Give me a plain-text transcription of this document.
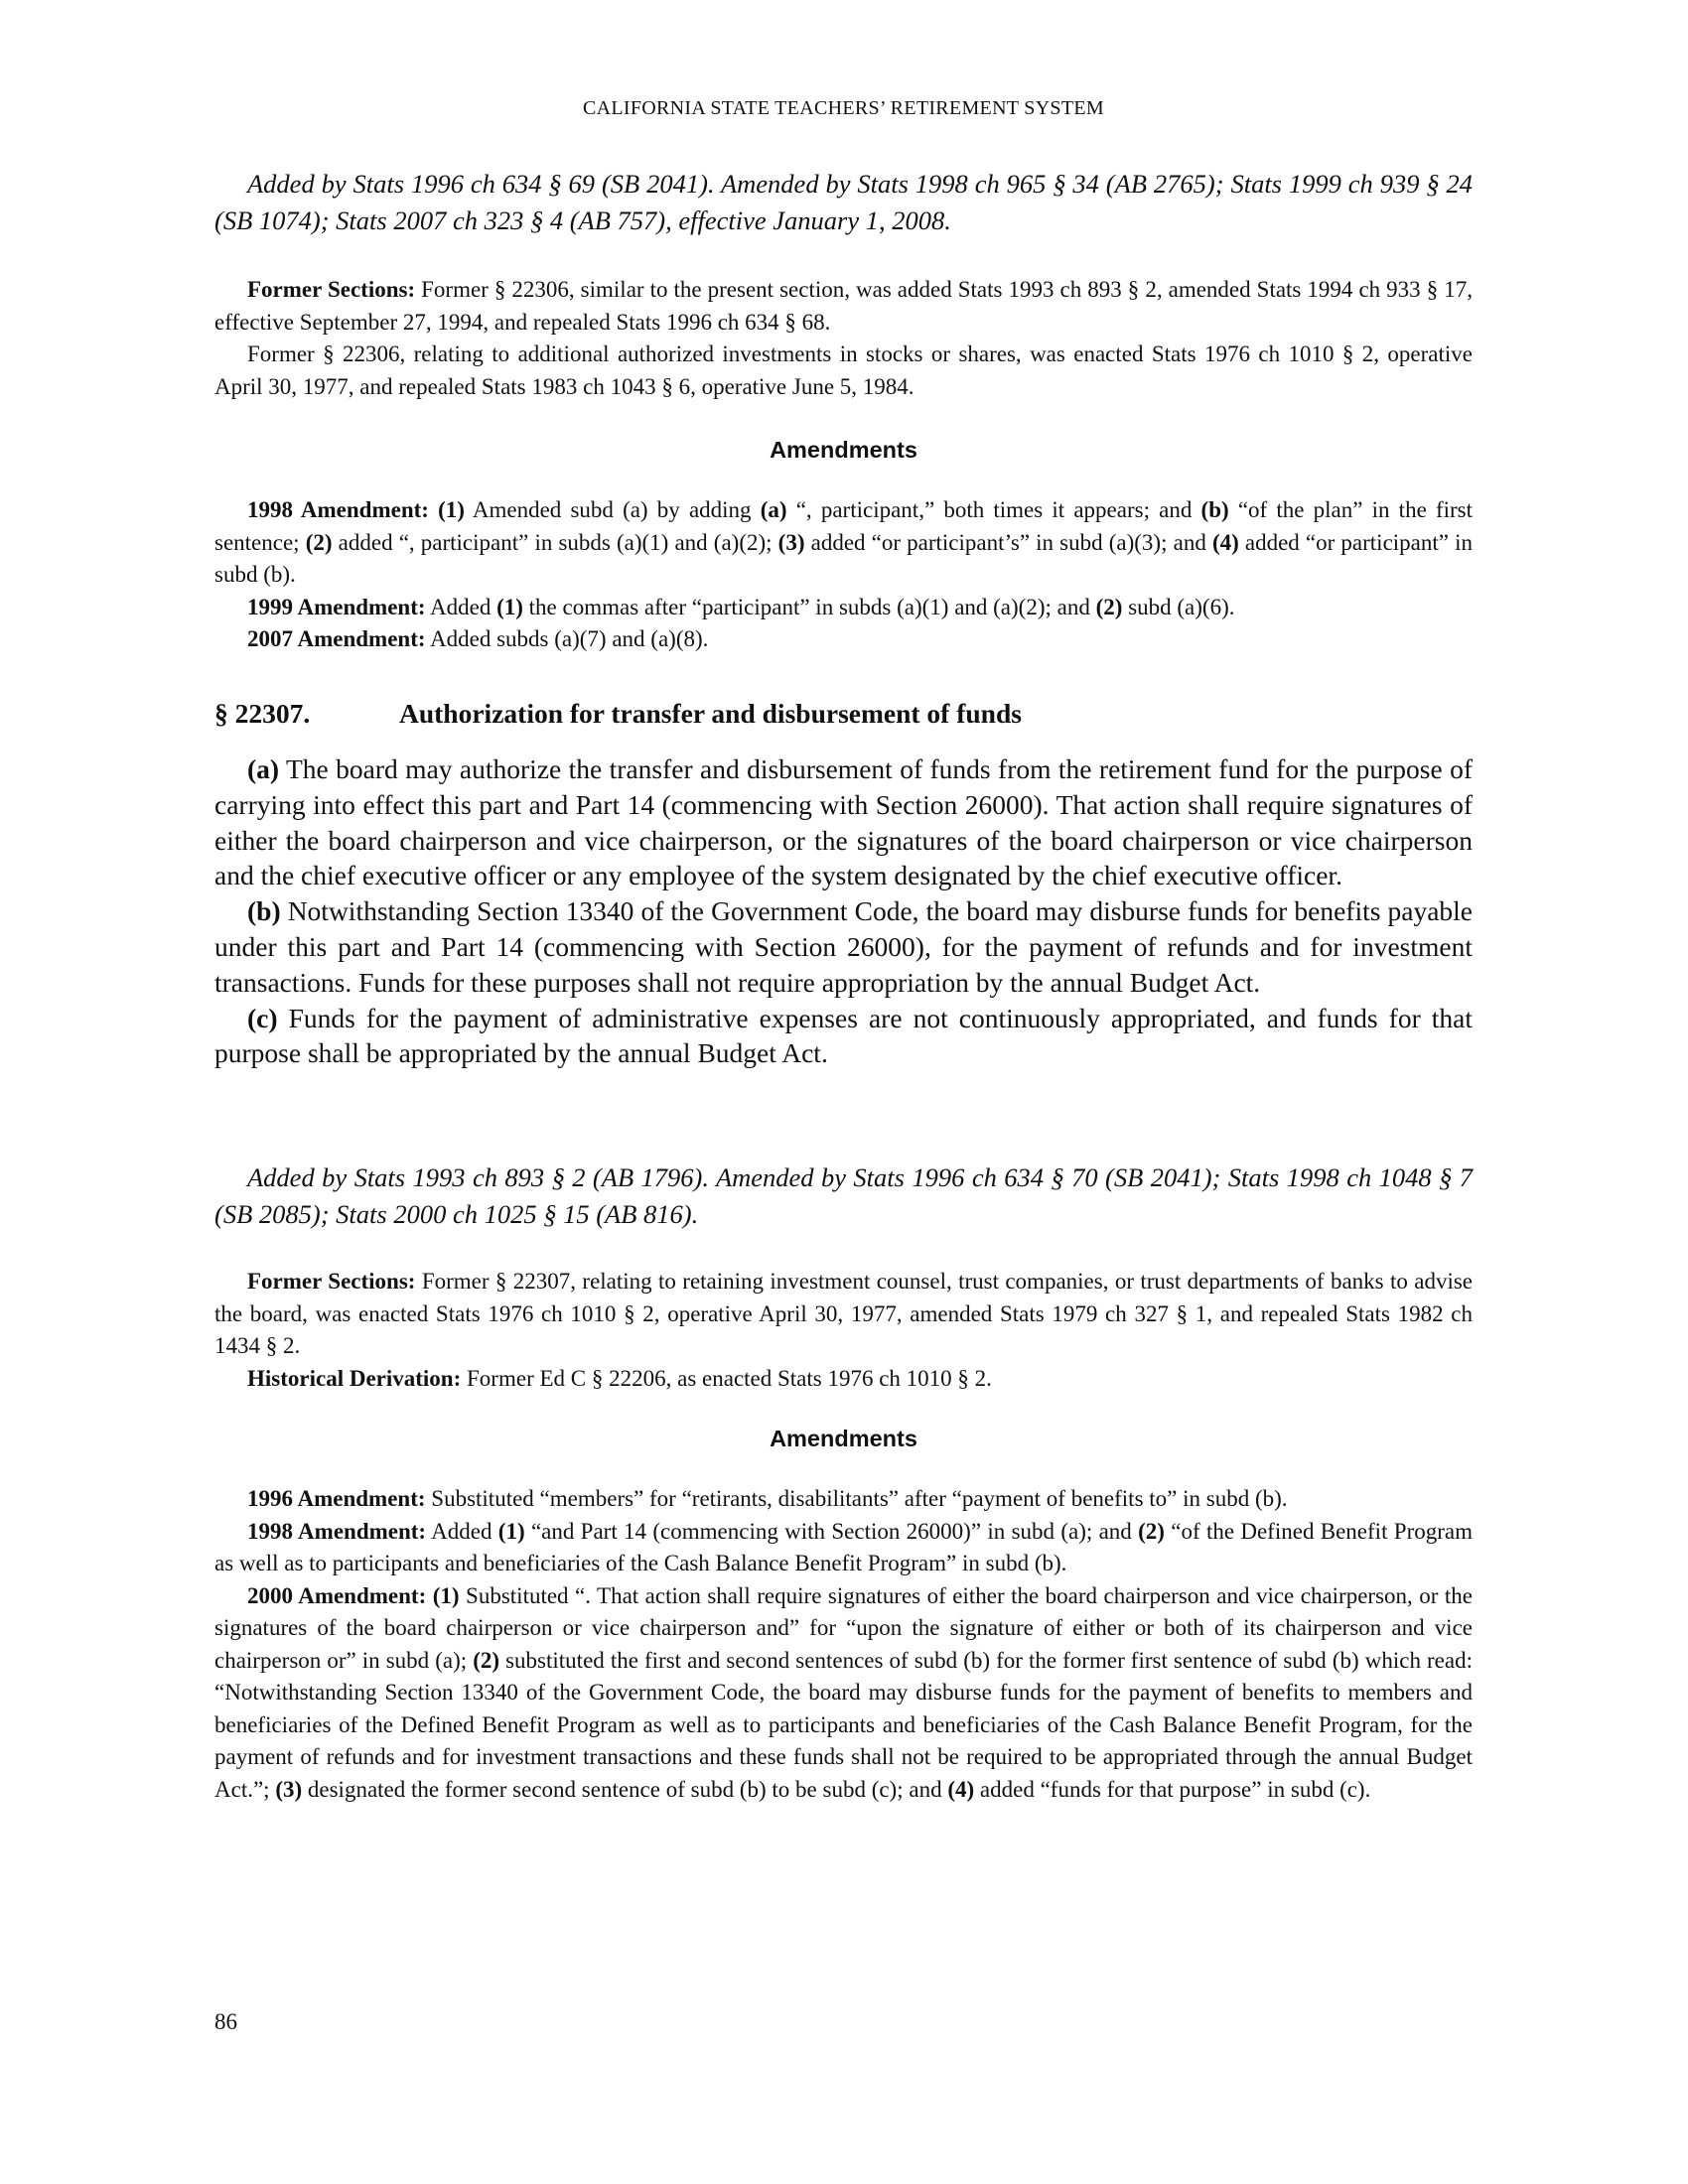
CALIFORNIA STATE TEACHERS’ RETIREMENT SYSTEM

Added by Stats 1996 ch 634 § 69 (SB 2041). Amended by Stats 1998 ch 965 § 34 (AB 2765); Stats 1999 ch 939 § 24 (SB 1074); Stats 2007 ch 323 § 4 (AB 757), effective January 1, 2008.

Former Sections: Former § 22306, similar to the present section, was added Stats 1993 ch 893 § 2, amended Stats 1994 ch 933 § 17, effective September 27, 1994, and repealed Stats 1996 ch 634 § 68.

Former § 22306, relating to additional authorized investments in stocks or shares, was enacted Stats 1976 ch 1010 § 2, operative April 30, 1977, and repealed Stats 1983 ch 1043 § 6, operative June 5, 1984.

Amendments

1998 Amendment: (1) Amended subd (a) by adding (a) “, participant,” both times it appears; and (b) “of the plan” in the first sentence; (2) added “, participant” in subds (a)(1) and (a)(2); (3) added “or participant’s” in subd (a)(3); and (4) added “or participant” in subd (b).

1999 Amendment: Added (1) the commas after “participant” in subds (a)(1) and (a)(2); and (2) subd (a)(6).

2007 Amendment: Added subds (a)(7) and (a)(8).

§ 22307.	Authorization for transfer and disbursement of funds

(a) The board may authorize the transfer and disbursement of funds from the retirement fund for the purpose of carrying into effect this part and Part 14 (commencing with Section 26000). That action shall require signatures of either the board chairperson and vice chairperson, or the signatures of the board chairperson or vice chairperson and the chief executive officer or any employee of the system designated by the chief executive officer.

(b) Notwithstanding Section 13340 of the Government Code, the board may disburse funds for benefits payable under this part and Part 14 (commencing with Section 26000), for the payment of refunds and for investment transactions. Funds for these purposes shall not require appropriation by the annual Budget Act.

(c) Funds for the payment of administrative expenses are not continuously appropriated, and funds for that purpose shall be appropriated by the annual Budget Act.

Added by Stats 1993 ch 893 § 2 (AB 1796). Amended by Stats 1996 ch 634 § 70 (SB 2041); Stats 1998 ch 1048 § 7 (SB 2085); Stats 2000 ch 1025 § 15 (AB 816).

Former Sections: Former § 22307, relating to retaining investment counsel, trust companies, or trust departments of banks to advise the board, was enacted Stats 1976 ch 1010 § 2, operative April 30, 1977, amended Stats 1979 ch 327 § 1, and repealed Stats 1982 ch 1434 § 2.

Historical Derivation: Former Ed C § 22206, as enacted Stats 1976 ch 1010 § 2.

Amendments

1996 Amendment: Substituted “members” for “retirants, disabilitants” after “payment of benefits to” in subd (b).

1998 Amendment: Added (1) “and Part 14 (commencing with Section 26000)” in subd (a); and (2) “of the Defined Benefit Program as well as to participants and beneficiaries of the Cash Balance Benefit Program” in subd (b).

2000 Amendment: (1) Substituted “. That action shall require signatures of either the board chairperson and vice chairperson, or the signatures of the board chairperson or vice chairperson and” for “upon the signature of either or both of its chairperson and vice chairperson or” in subd (a); (2) substituted the first and second sentences of subd (b) for the former first sentence of subd (b) which read: “Notwithstanding Section 13340 of the Government Code, the board may disburse funds for the payment of benefits to members and beneficiaries of the Defined Benefit Program as well as to participants and beneficiaries of the Cash Balance Benefit Program, for the payment of refunds and for investment transactions and these funds shall not be required to be appropriated through the annual Budget Act.”; (3) designated the former second sentence of subd (b) to be subd (c); and (4) added “funds for that purpose” in subd (c).

86
